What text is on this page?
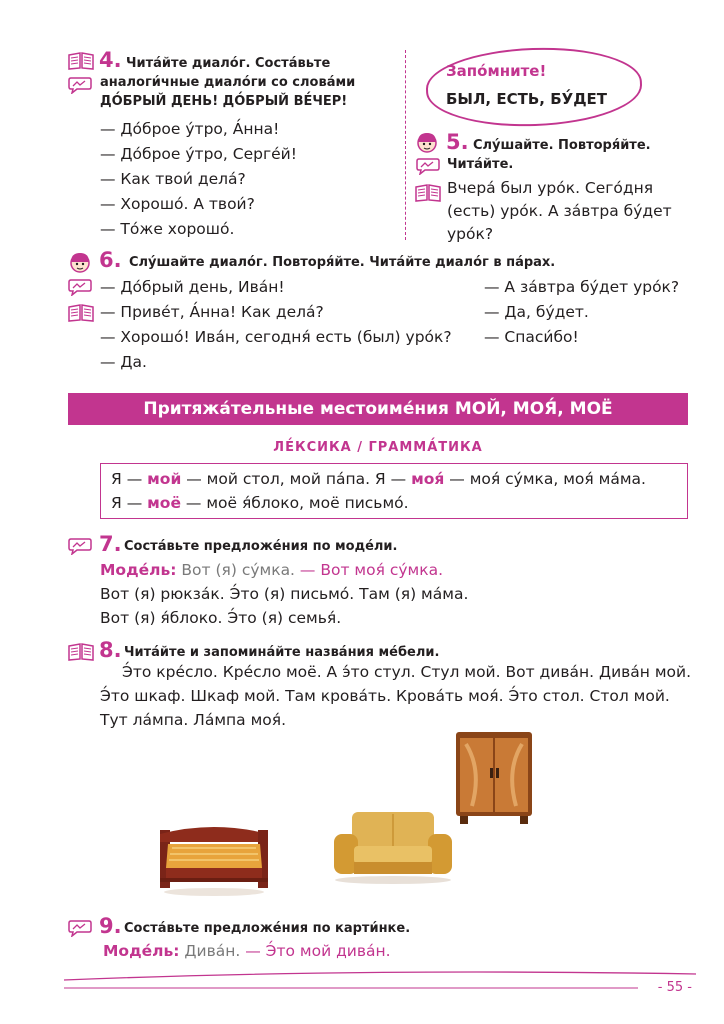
4. Чита́йте диало́г. Соста́вьте
аналоги́чные диало́ги со слова́ми
ДО́БРЫЙ ДЕНЬ! ДО́БРЫЙ ВЕ́ЧЕР!
— До́брое у́тро, А́нна!
— До́брое у́тро, Серге́й!
— Как твои́ дела́?
— Хорошо́. А твои́?
— То́же хорошо́.
Запо́мните!
БЫЛ, ЕСТЬ, БУ́ДЕТ
5. Слу́шайте. Повторя́йте.
Чита́йте.
Вчера́ был уро́к. Сего́дня
(есть) уро́к. А за́втра бу́дет
уро́к?
6. Слу́шайте диало́г. Повторя́йте. Чита́йте диало́г в па́рах.
— До́брый день, Ива́н!
— Приве́т, А́нна! Как дела́?
— Хорошо́! Ива́н, сегодня́ есть (был) уро́к?
— Да.
— А за́втра бу́дет уро́к?
— Да, бу́дет.
— Спаси́бо!
Притяжа́тельные местоиме́ния МОЙ, МОЯ́, МОЁ
ЛЕ́КСИКА / ГРАММА́ТИКА
Я — мой — мой стол, мой па́па. Я — моя́ — моя́ су́мка, моя́ ма́ма.
Я — моё — моё я́блоко, моё письмо́.
7. Соста́вьте предложе́ния по моде́ли.
Моде́ль: Вот (я) су́мка. — Вот моя́ су́мка.
Вот (я) рюкза́к. Э́то (я) письмо́. Там (я) ма́ма.
Вот (я) я́блоко. Э́то (я) семья́.
8. Чита́йте и запомина́йте назва́ния ме́бели.
Э́то кре́сло. Кре́сло моё. А э́то стул. Стул мой. Вот дива́н. Дива́н мой.
Э́то шкаф. Шкаф мой. Там крова́ть. Крова́ть моя́. Э́то стол. Стол мой.
Тут ла́мпа. Ла́мпа моя́.
9. Соста́вьте предложе́ния по карти́нке.
Моде́ль: Дива́н. — Э́то мой дива́н.
- 55 -
